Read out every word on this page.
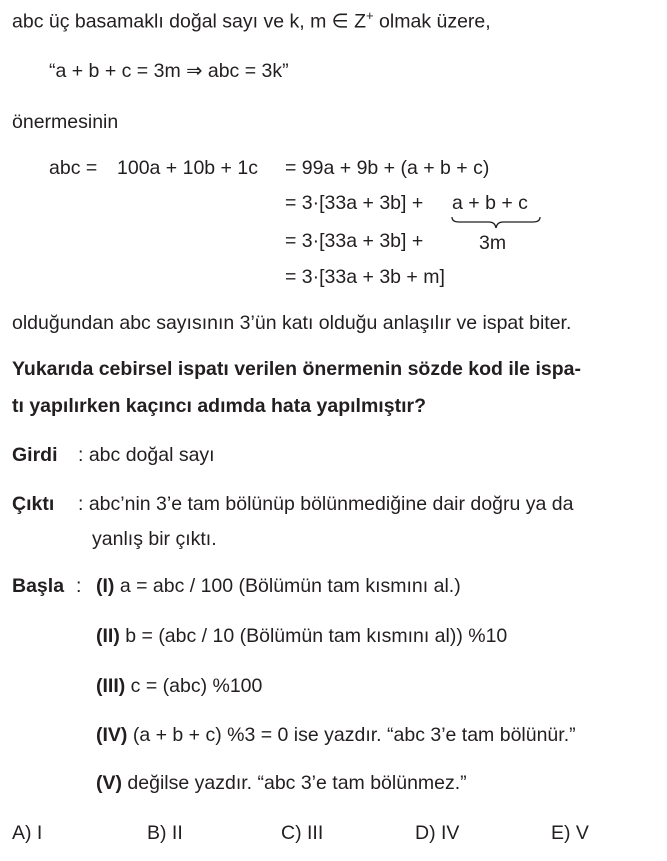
abc üç basamaklı doğal sayı ve k, m ∈ Z+ olmak üzere,
“a + b + c = 3m ⇒ abc = 3k”
önermesinin
abc = 100a + 10b + 1c = 99a + 9b + (a + b + c)
= 3·[33a + 3b] + a + b + c
= 3·[33a + 3b] +	3m
= 3·[33a + 3b + m]
olduğundan abc sayısının 3’ün katı olduğu anlaşılır ve ispat biter.
Yukarıda cebirsel ispatı verilen önermenin sözde kod ile ispa-
tı yapılırken kaçıncı adımda hata yapılmıştır?
Girdi : abc doğal sayı
Çıktı : abc’nin 3’e tam bölünüp bölünmediğine dair doğru ya da
yanlış bir çıktı.
Başla : (I) a = abc / 100 (Bölümün tam kısmını al.)
(II) b = (abc / 10 (Bölümün tam kısmını al)) %10
(III) c = (abc) %100
(IV) (a + b + c) %3 = 0 ise yazdır. “abc 3’e tam bölünür.”
(V) değilse yazdır. “abc 3’e tam bölünmez.”
A) I	B) II	C) III	D) IV	E) V
